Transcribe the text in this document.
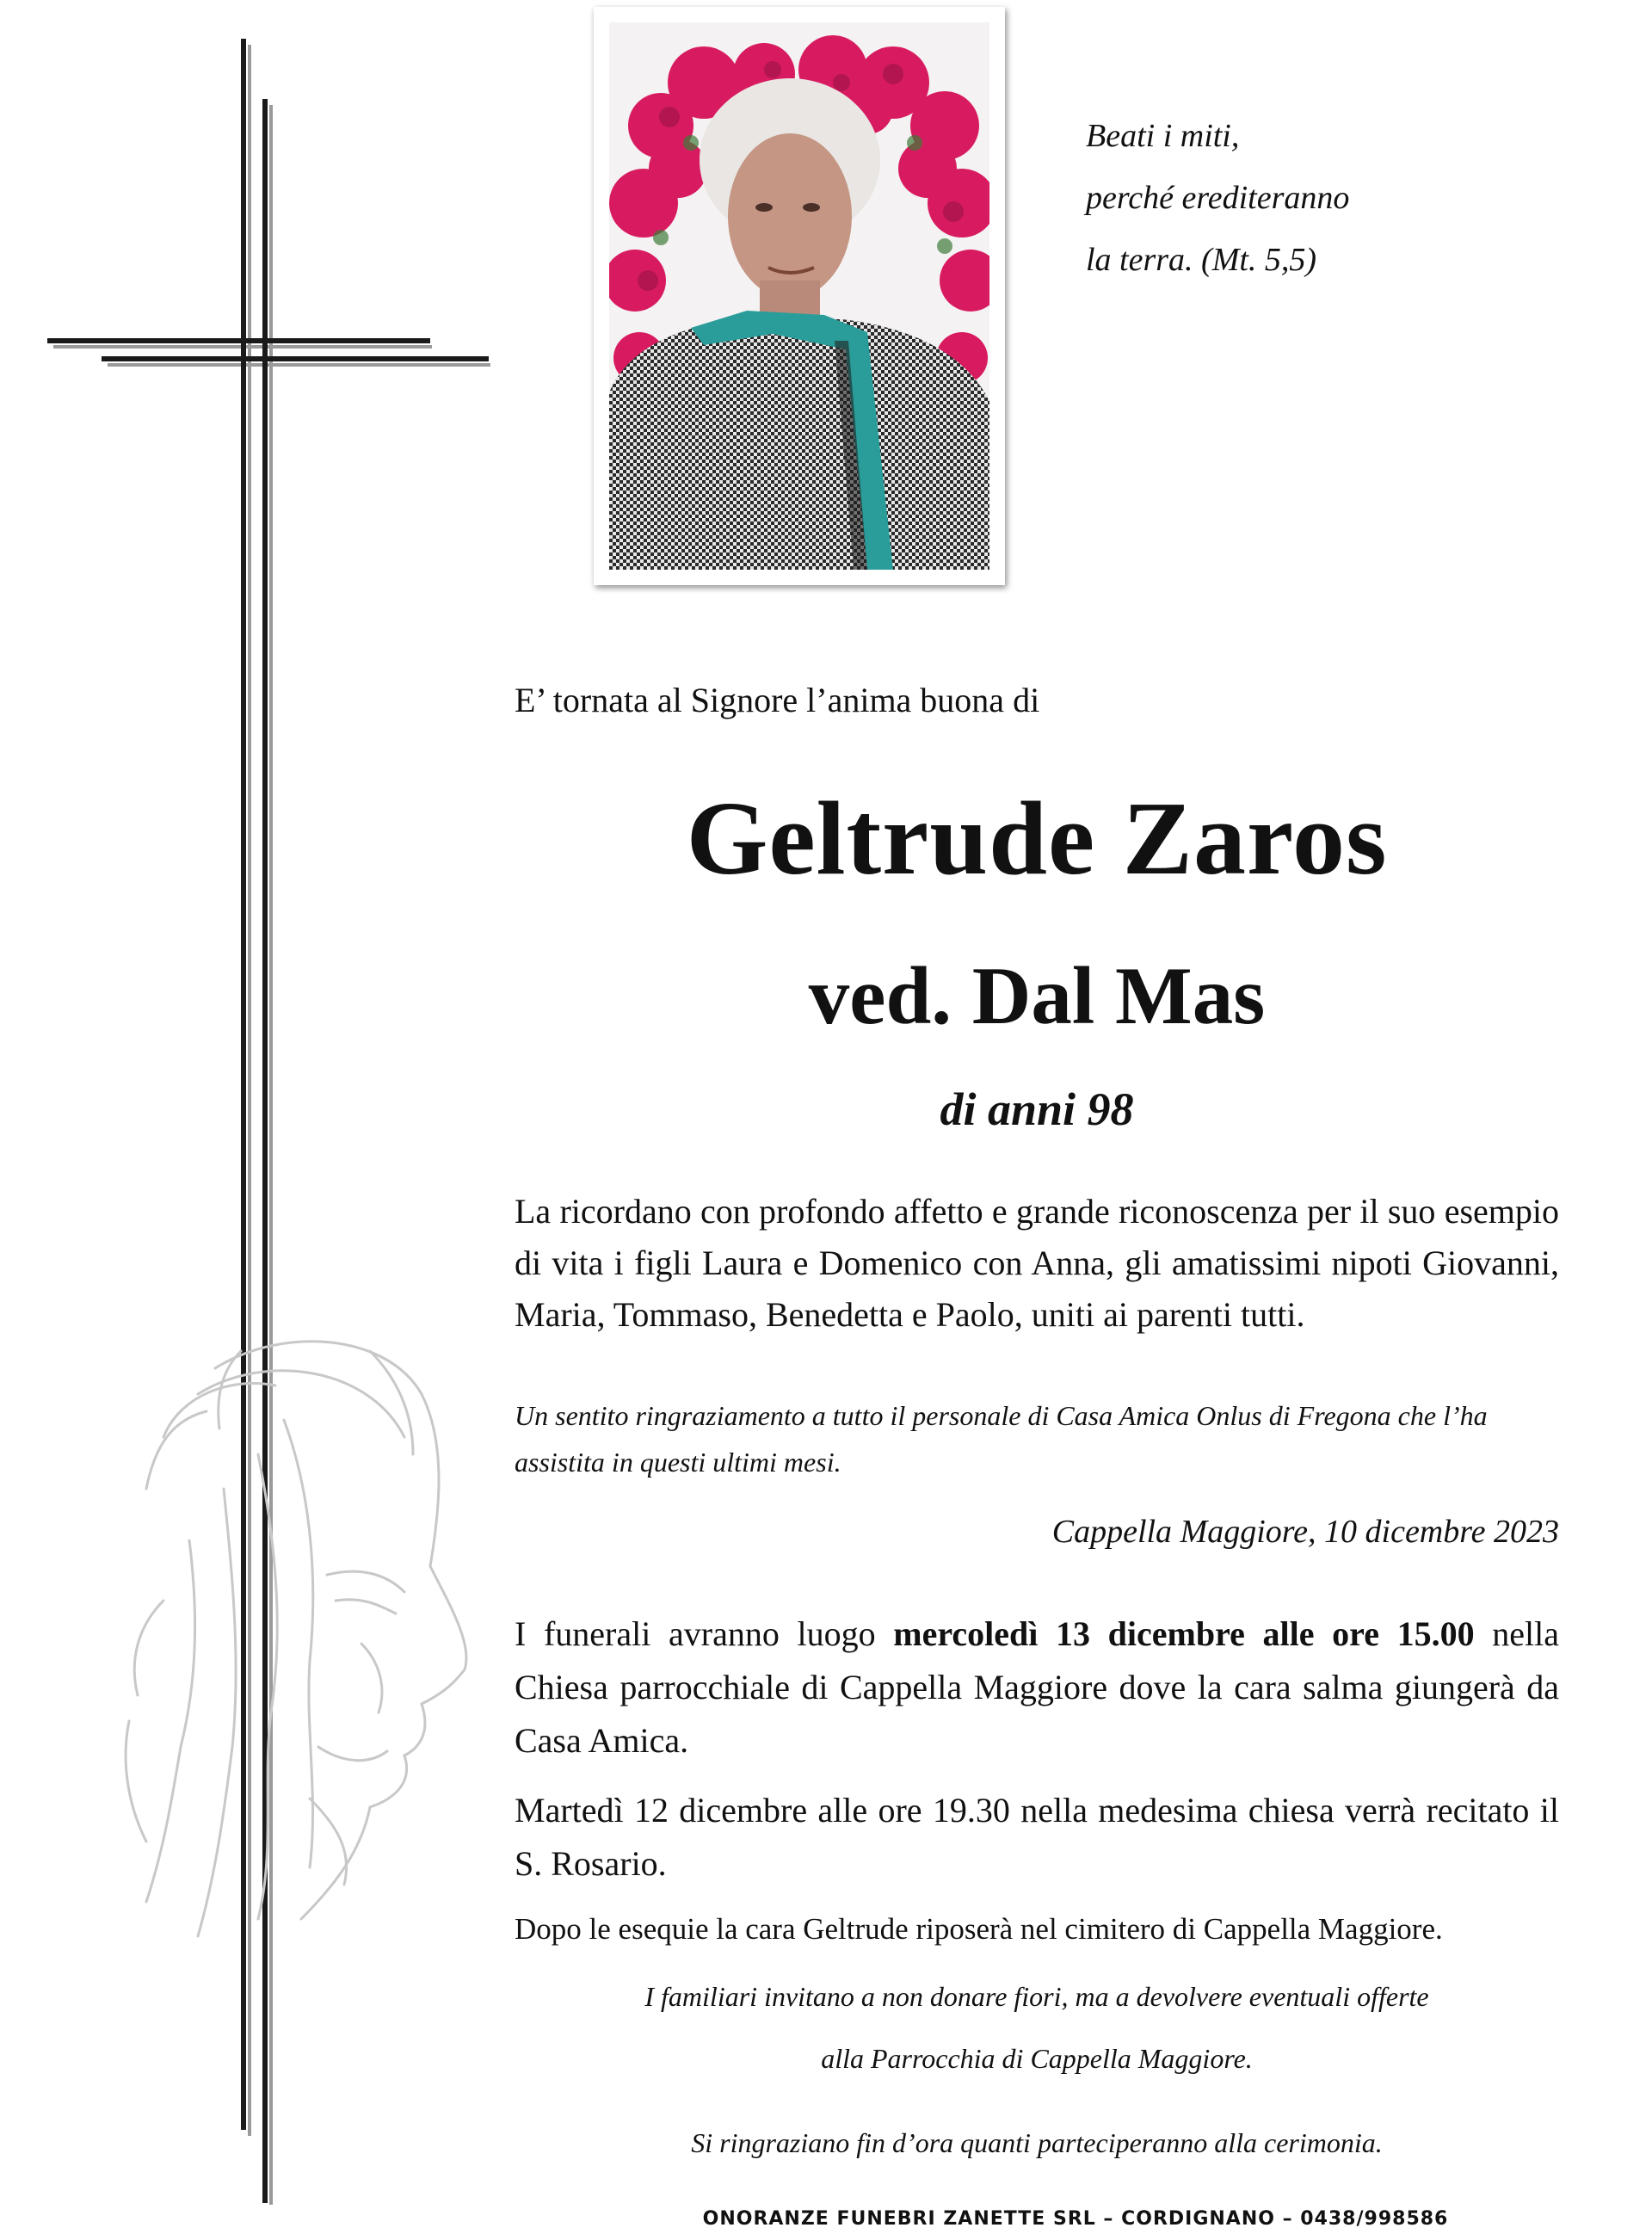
Beati i miti,
perché erediteranno
la terra. (Mt. 5,5)
E’ tornata al Signore l’anima buona di
Geltrude Zaros
ved. Dal Mas
di anni 98
La ricordano con profondo affetto e grande riconoscenza per il suo esempio di vita i figli Laura e Domenico con Anna, gli amatissimi nipoti Giovanni, Maria, Tommaso, Benedetta e Paolo, uniti ai parenti tutti.
Un sentito ringraziamento a tutto il personale di Casa Amica Onlus di Fregona che l’ha assistita in questi ultimi mesi.
Cappella Maggiore, 10 dicembre 2023
I funerali avranno luogo mercoledì 13 dicembre alle ore 15.00 nella Chiesa parrocchiale di Cappella Maggiore dove la cara salma giungerà da Casa Amica.
Martedì 12 dicembre alle ore 19.30 nella medesima chiesa verrà recitato il S. Rosario.
Dopo le esequie la cara Geltrude riposerà nel cimitero di Cappella Maggiore.
I familiari invitano a non donare fiori, ma a devolvere eventuali offerte
alla Parrocchia di Cappella Maggiore.
Si ringraziano fin d’ora quanti parteciperanno alla cerimonia.
ONORANZE FUNEBRI ZANETTE SRL – CORDIGNANO – 0438/998586
